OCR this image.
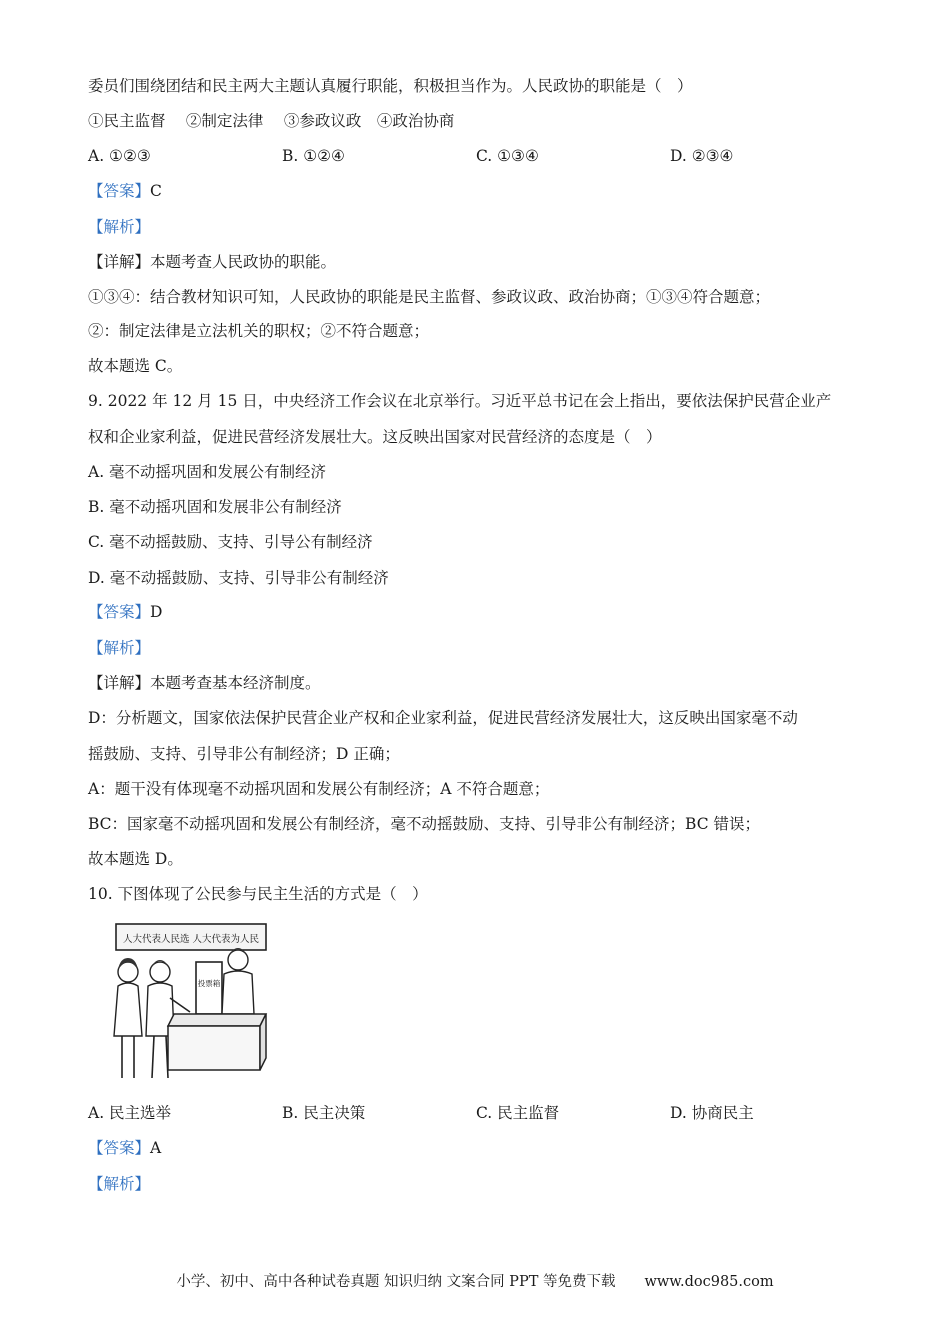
委员们围绕团结和民主两大主题认真履行职能，积极担当作为。人民政协的职能是（　）
①民主监督　 ②制定法律　 ③参政议政　④政治协商
A. ①②③	B. ①②④	C. ①③④	D. ②③④
【答案】C
【解析】
【详解】本题考查人民政协的职能。
①③④：结合教材知识可知，人民政协的职能是民主监督、参政议政、政治协商；①③④符合题意；
②：制定法律是立法机关的职权；②不符合题意；
故本题选 C。
9. 2022 年 12 月 15 日，中央经济工作会议在北京举行。习近平总书记在会上指出，要依法保护民营企业产
权和企业家利益，促进民营经济发展壮大。这反映出国家对民营经济的态度是（　）
A. 毫不动摇巩固和发展公有制经济
B. 毫不动摇巩固和发展非公有制经济
C. 毫不动摇鼓励、支持、引导公有制经济
D. 毫不动摇鼓励、支持、引导非公有制经济
【答案】D
【解析】
【详解】本题考查基本经济制度。
D：分析题文，国家依法保护民营企业产权和企业家利益，促进民营经济发展壮大，这反映出国家毫不动
摇鼓励、支持、引导非公有制经济；D 正确；
A：题干没有体现毫不动摇巩固和发展公有制经济；A 不符合题意；
BC：国家毫不动摇巩固和发展公有制经济，毫不动摇鼓励、支持、引导非公有制经济；BC 错误；
故本题选 D。
10. 下图体现了公民参与民主生活的方式是（　）
人大代表人民选 人大代表为人民
投票箱
A. 民主选举	B. 民主决策	C. 民主监督	D. 协商民主
【答案】A
【解析】
小学、初中、高中各种试卷真题 知识归纳 文案合同 PPT 等免费下载　　www.doc985.com
